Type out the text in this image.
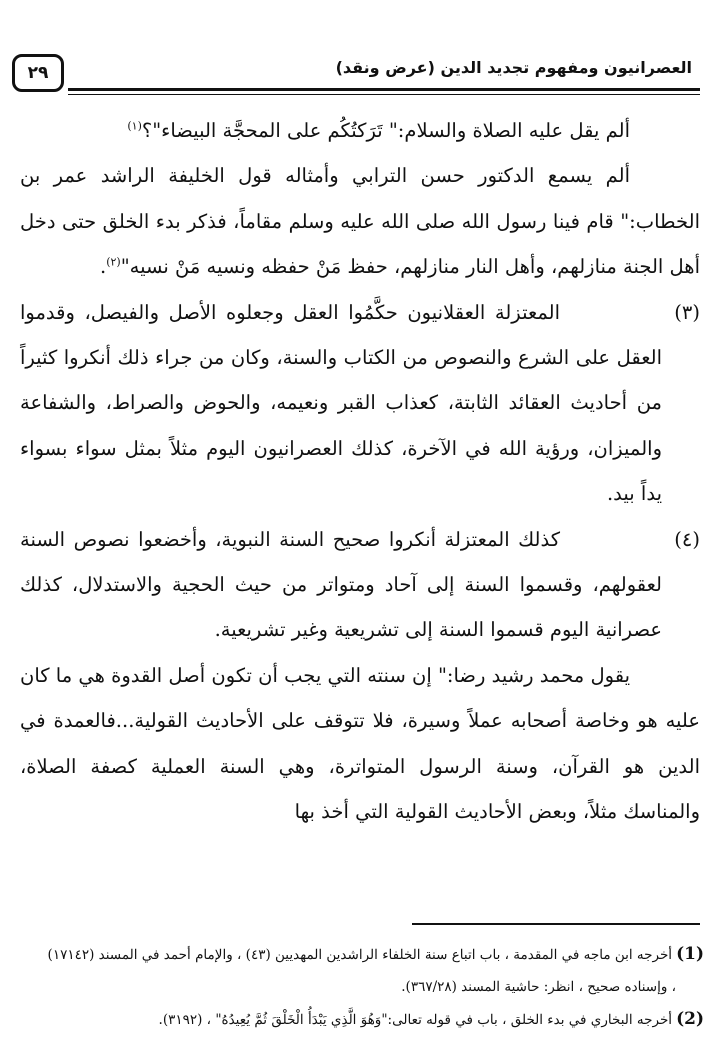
٢٩	العصرانيون ومفهوم تجديد الدين (عرض ونقد)

ألم يقل عليه الصلاة والسلام:" تَرَكتُكُم على المحجَّة البيضاء"؟$^{(١)}$

ألم يسمع الدكتور حسن الترابي وأمثاله قول الخليفة الراشد عمر بن الخطاب:" قام فينا رسول الله صلى الله عليه وسلم مقاماً، فذكر بدء الخلق حتى دخل أهل الجنة منازلهم، وأهل النار منازلهم، حفظ مَنْ حفظه ونسيه مَنْ نسيه"$^{(٢)}$.

(٣)المعتزلة العقلانيون حكَّمُوا العقل وجعلوه الأصل والفيصل، وقدموا العقل على الشرع والنصوص من الكتاب والسنة، وكان من جراء ذلك أنكروا كثيراً من أحاديث العقائد الثابتة، كعذاب القبر ونعيمه، والحوض والصراط، والشفاعة والميزان، ورؤية الله في الآخرة، كذلك العصرانيون اليوم مثلاً بمثل سواء بسواء يداً بيد.

(٤)كذلك المعتزلة أنكروا صحيح السنة النبوية، وأخضعوا نصوص السنة لعقولهم، وقسموا السنة إلى آحاد ومتواتر من حيث الحجية والاستدلال، كذلك عصرانية اليوم قسموا السنة إلى تشريعية وغير تشريعية.

يقول محمد رشيد رضا:" إن سنته التي يجب أن تكون أصل القدوة هي ما كان عليه هو وخاصة أصحابه عملاً وسيرة، فلا تتوقف على الأحاديث القولية...فالعمدة في الدين هو القرآن، وسنة الرسول المتواترة، وهي السنة العملية كصفة الصلاة، والمناسك مثلاً، وبعض الأحاديث القولية التي أخذ بها

(1)أخرجه ابن ماجه في المقدمة ، باب اتباع سنة الخلفاء الراشدين المهديين (٤٣) ، والإمام أحمد في المسند (١٧١٤٢)

، وإسناده صحيح ، انظر: حاشية المسند (٣٦٧/٢٨).

(2)أخرجه البخاري في بدء الخلق ، باب في قوله تعالى:"وَهُوَ الَّذِي يَبْدَأُ الْخَلْقَ ثُمَّ يُعِيدُهُ" ، (٣١٩٢).
